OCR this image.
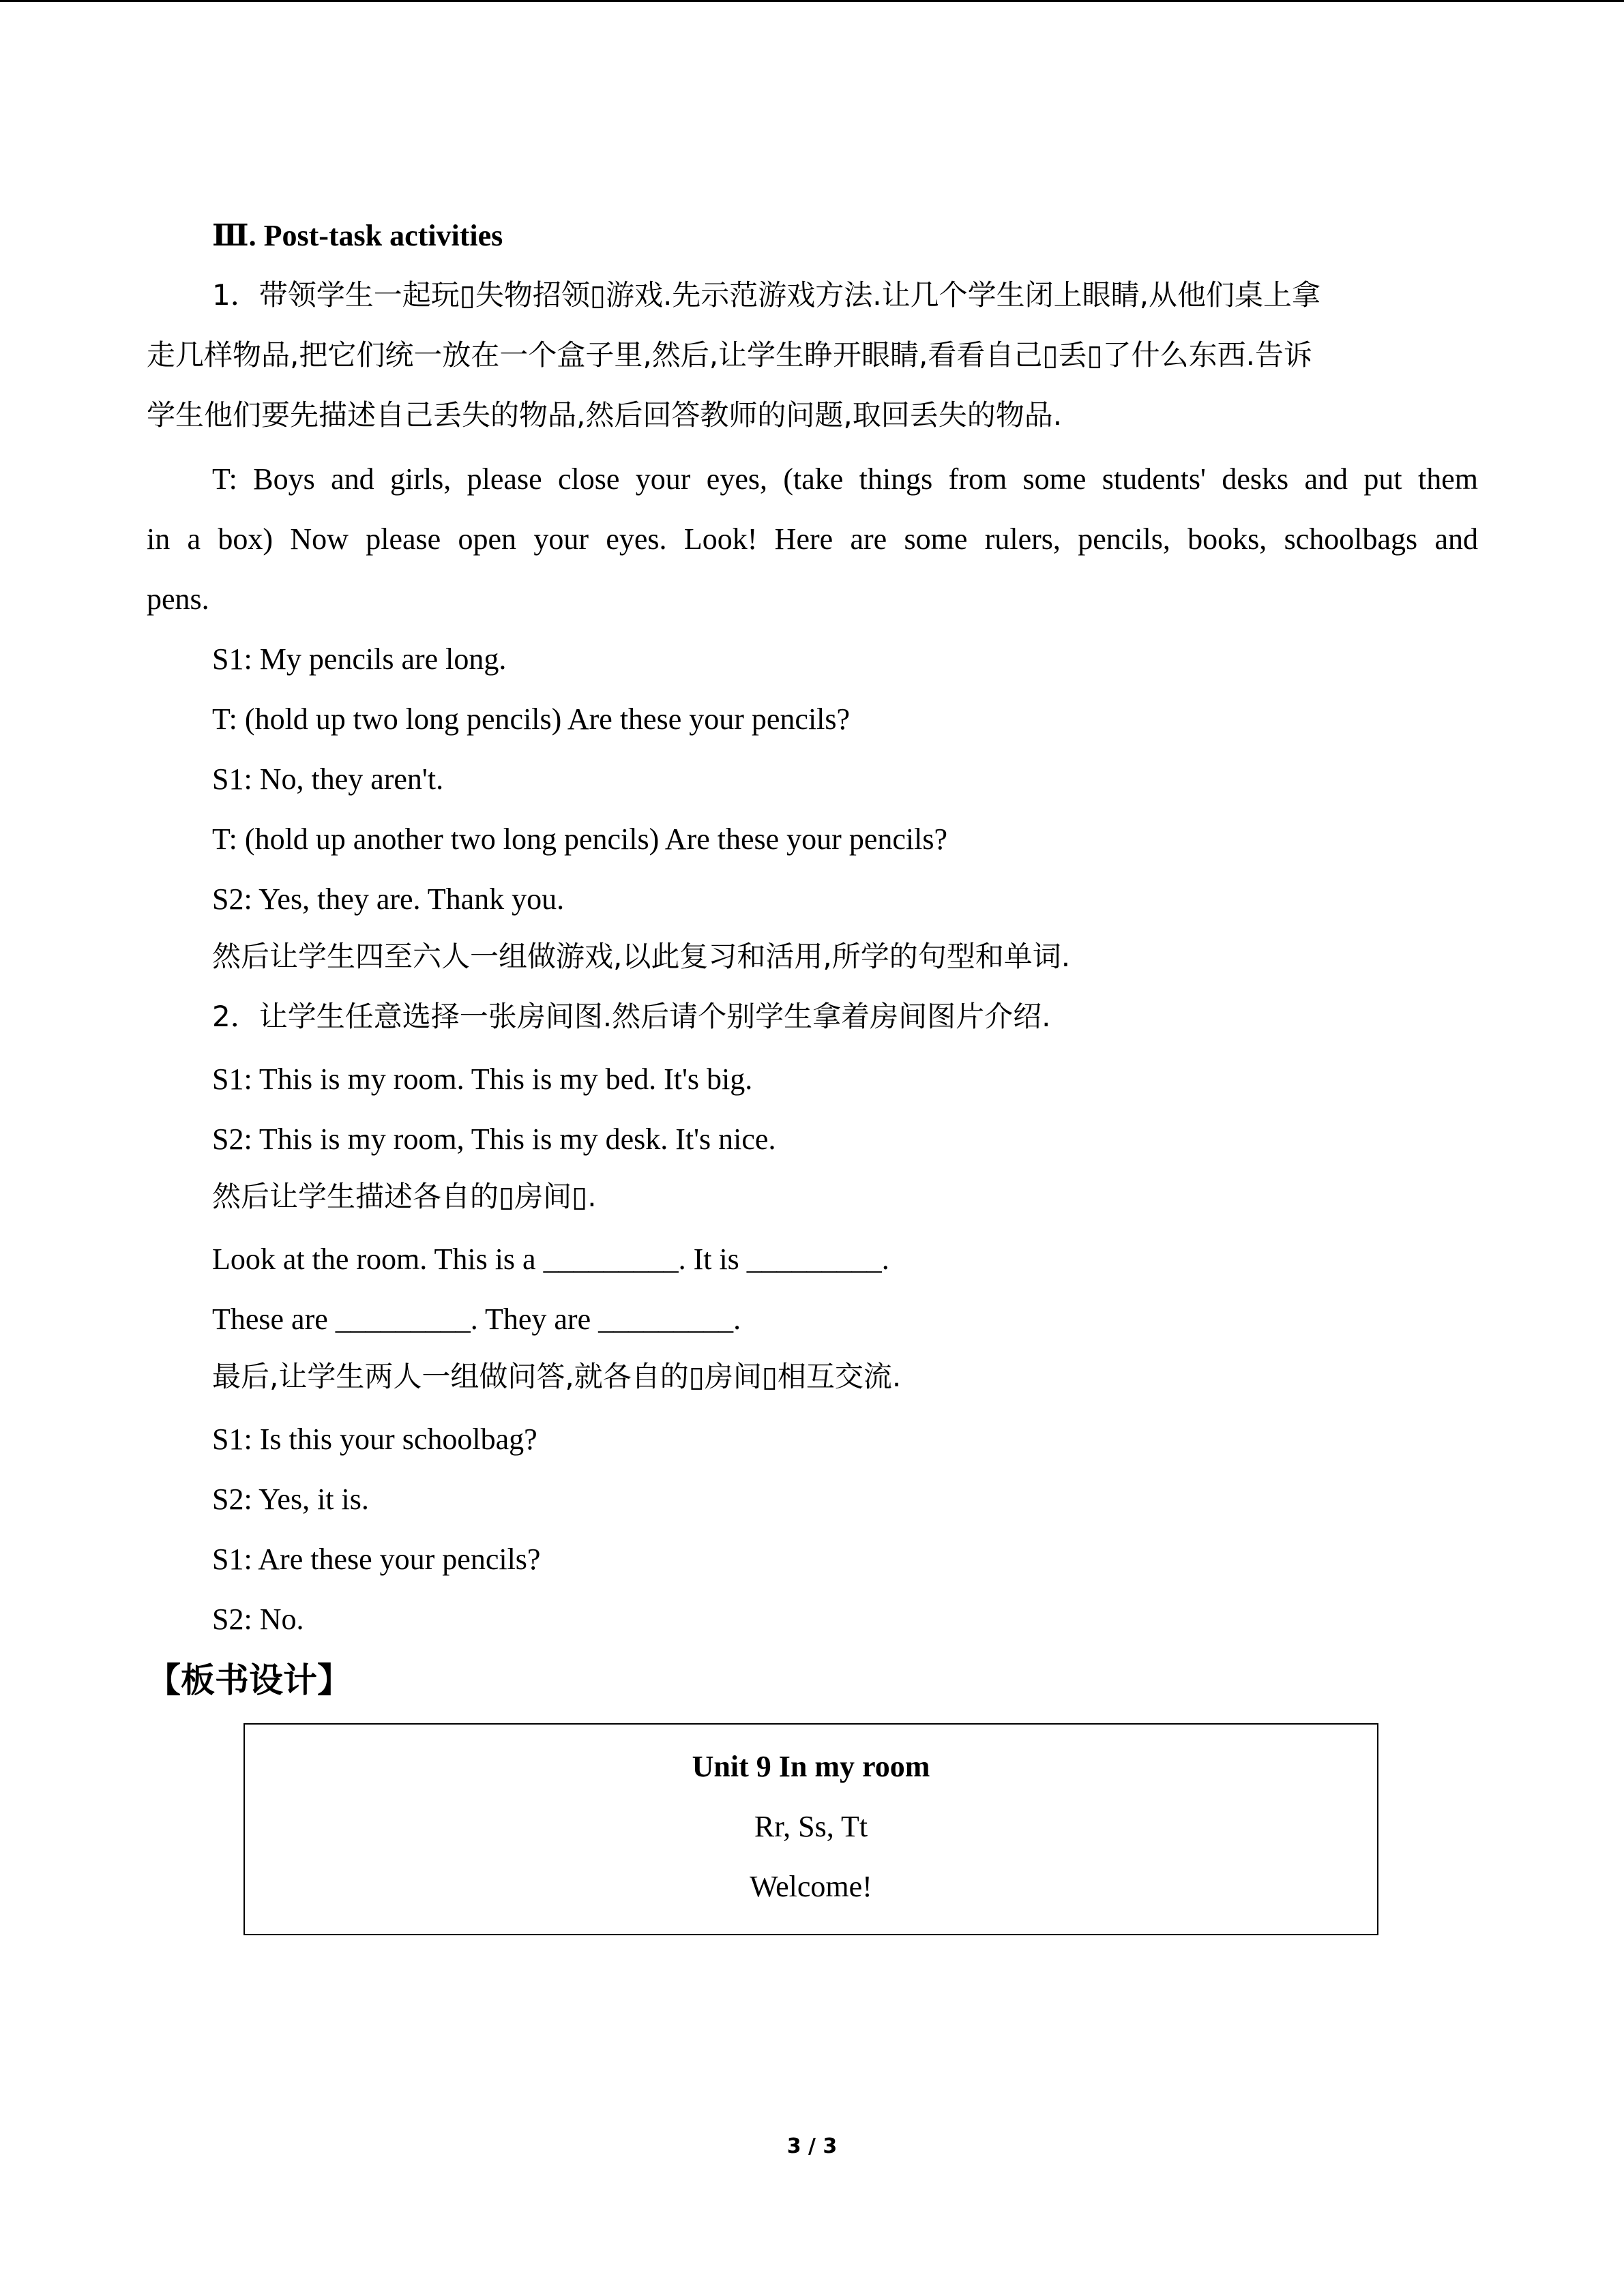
Ⅲ. Post-task activities
1．带领学生一起玩▯失物招领▯游戏.先示范游戏方法.让几个学生闭上眼睛,从他们桌上拿
走几样物品,把它们统一放在一个盒子里,然后,让学生睁开眼睛,看看自己▯丢▯了什么东西.告诉
学生他们要先描述自己丢失的物品,然后回答教师的问题,取回丢失的物品.
T: Boys and girls, please close your eyes, (take things from some students' desks and put them
in a box) Now please open your eyes. Look! Here are some rulers, pencils, books, schoolbags and
pens.
S1: My pencils are long.
T: (hold up two long pencils) Are these your pencils?
S1: No, they aren't.
T: (hold up another two long pencils) Are these your pencils?
S2: Yes, they are. Thank you.
然后让学生四至六人一组做游戏,以此复习和活用,所学的句型和单词.
2．让学生任意选择一张房间图.然后请个别学生拿着房间图片介绍.
S1: This is my room. This is my bed. It's big.
S2: This is my room, This is my desk. It's nice.
然后让学生描述各自的▯房间▯.
Look at the room. This is a _________. It is _________.
These are _________. They are _________.
最后,让学生两人一组做问答,就各自的▯房间▯相互交流.
S1: Is this your schoolbag?
S2: Yes, it is.
S1: Are these your pencils?
S2: No.
【板书设计】
Unit 9 In my room
Rr, Ss, Tt
Welcome!
3 / 3
